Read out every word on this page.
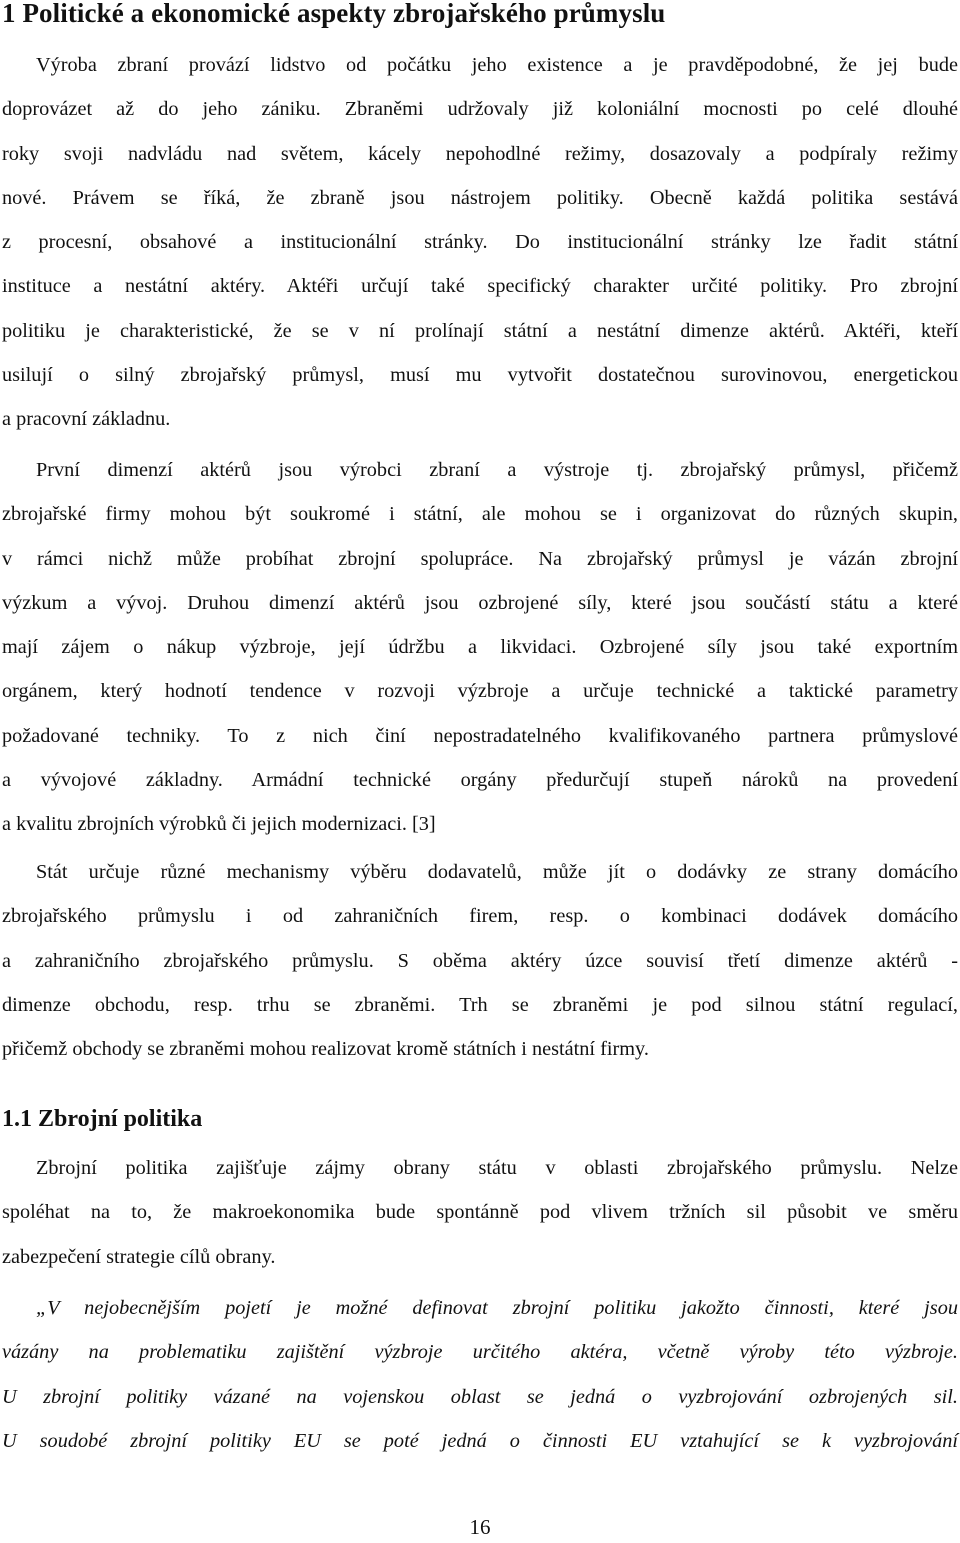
1 Politické a ekonomické aspekty zbrojařského průmyslu
Výroba zbraní provází lidstvo od počátku jeho existence a je pravděpodobné, že jej bude
doprovázet až do jeho zániku. Zbraněmi udržovaly již koloniální mocnosti po celé dlouhé
roky svoji nadvládu nad světem, kácely nepohodlné režimy, dosazovaly a podpíraly režimy
nové. Právem se říká, že zbraně jsou nástrojem politiky. Obecně každá politika sestává
z procesní, obsahové a institucionální stránky. Do institucionální stránky lze řadit státní
instituce a nestátní aktéry. Aktéři určují také specifický charakter určité politiky. Pro zbrojní
politiku je charakteristické, že se v ní prolínají státní a nestátní dimenze aktérů. Aktéři, kteří
usilují o silný zbrojařský průmysl, musí mu vytvořit dostatečnou surovinovou, energetickou
a pracovní základnu.
První dimenzí aktérů jsou výrobci zbraní a výstroje tj. zbrojařský průmysl, přičemž
zbrojařské firmy mohou být soukromé i státní, ale mohou se i organizovat do různých skupin,
v rámci nichž může probíhat zbrojní spolupráce. Na zbrojařský průmysl je vázán zbrojní
výzkum a vývoj. Druhou dimenzí aktérů jsou ozbrojené síly, které jsou součástí státu a které
mají zájem o nákup výzbroje, její údržbu a likvidaci. Ozbrojené síly jsou také exportním
orgánem, který hodnotí tendence v rozvoji výzbroje a určuje technické a taktické parametry
požadované techniky. To z nich činí nepostradatelného kvalifikovaného partnera průmyslové
a vývojové základny. Armádní technické orgány předurčují stupeň nároků na provedení
a kvalitu zbrojních výrobků či jejich modernizaci. [3]
Stát určuje různé mechanismy výběru dodavatelů, může jít o dodávky ze strany domácího
zbrojařského průmyslu i od zahraničních firem, resp. o kombinaci dodávek domácího
a zahraničního zbrojařského průmyslu. S oběma aktéry úzce souvisí třetí dimenze aktérů -
dimenze obchodu, resp. trhu se zbraněmi. Trh se zbraněmi je pod silnou státní regulací,
přičemž obchody se zbraněmi mohou realizovat kromě státních i nestátní firmy.
1.1 Zbrojní politika
Zbrojní politika zajišťuje zájmy obrany státu v oblasti zbrojařského průmyslu. Nelze
spoléhat na to, že makroekonomika bude spontánně pod vlivem tržních sil působit ve směru
zabezpečení strategie cílů obrany.
„V nejobecnějším pojetí je možné definovat zbrojní politiku jakožto činnosti, které jsou
vázány na problematiku zajištění výzbroje určitého aktéra, včetně výroby této výzbroje.
U zbrojní politiky vázané na vojenskou oblast se jedná o vyzbrojování ozbrojených sil.
U soudobé zbrojní politiky EU se poté jedná o činnosti EU vztahující se k vyzbrojování
16
